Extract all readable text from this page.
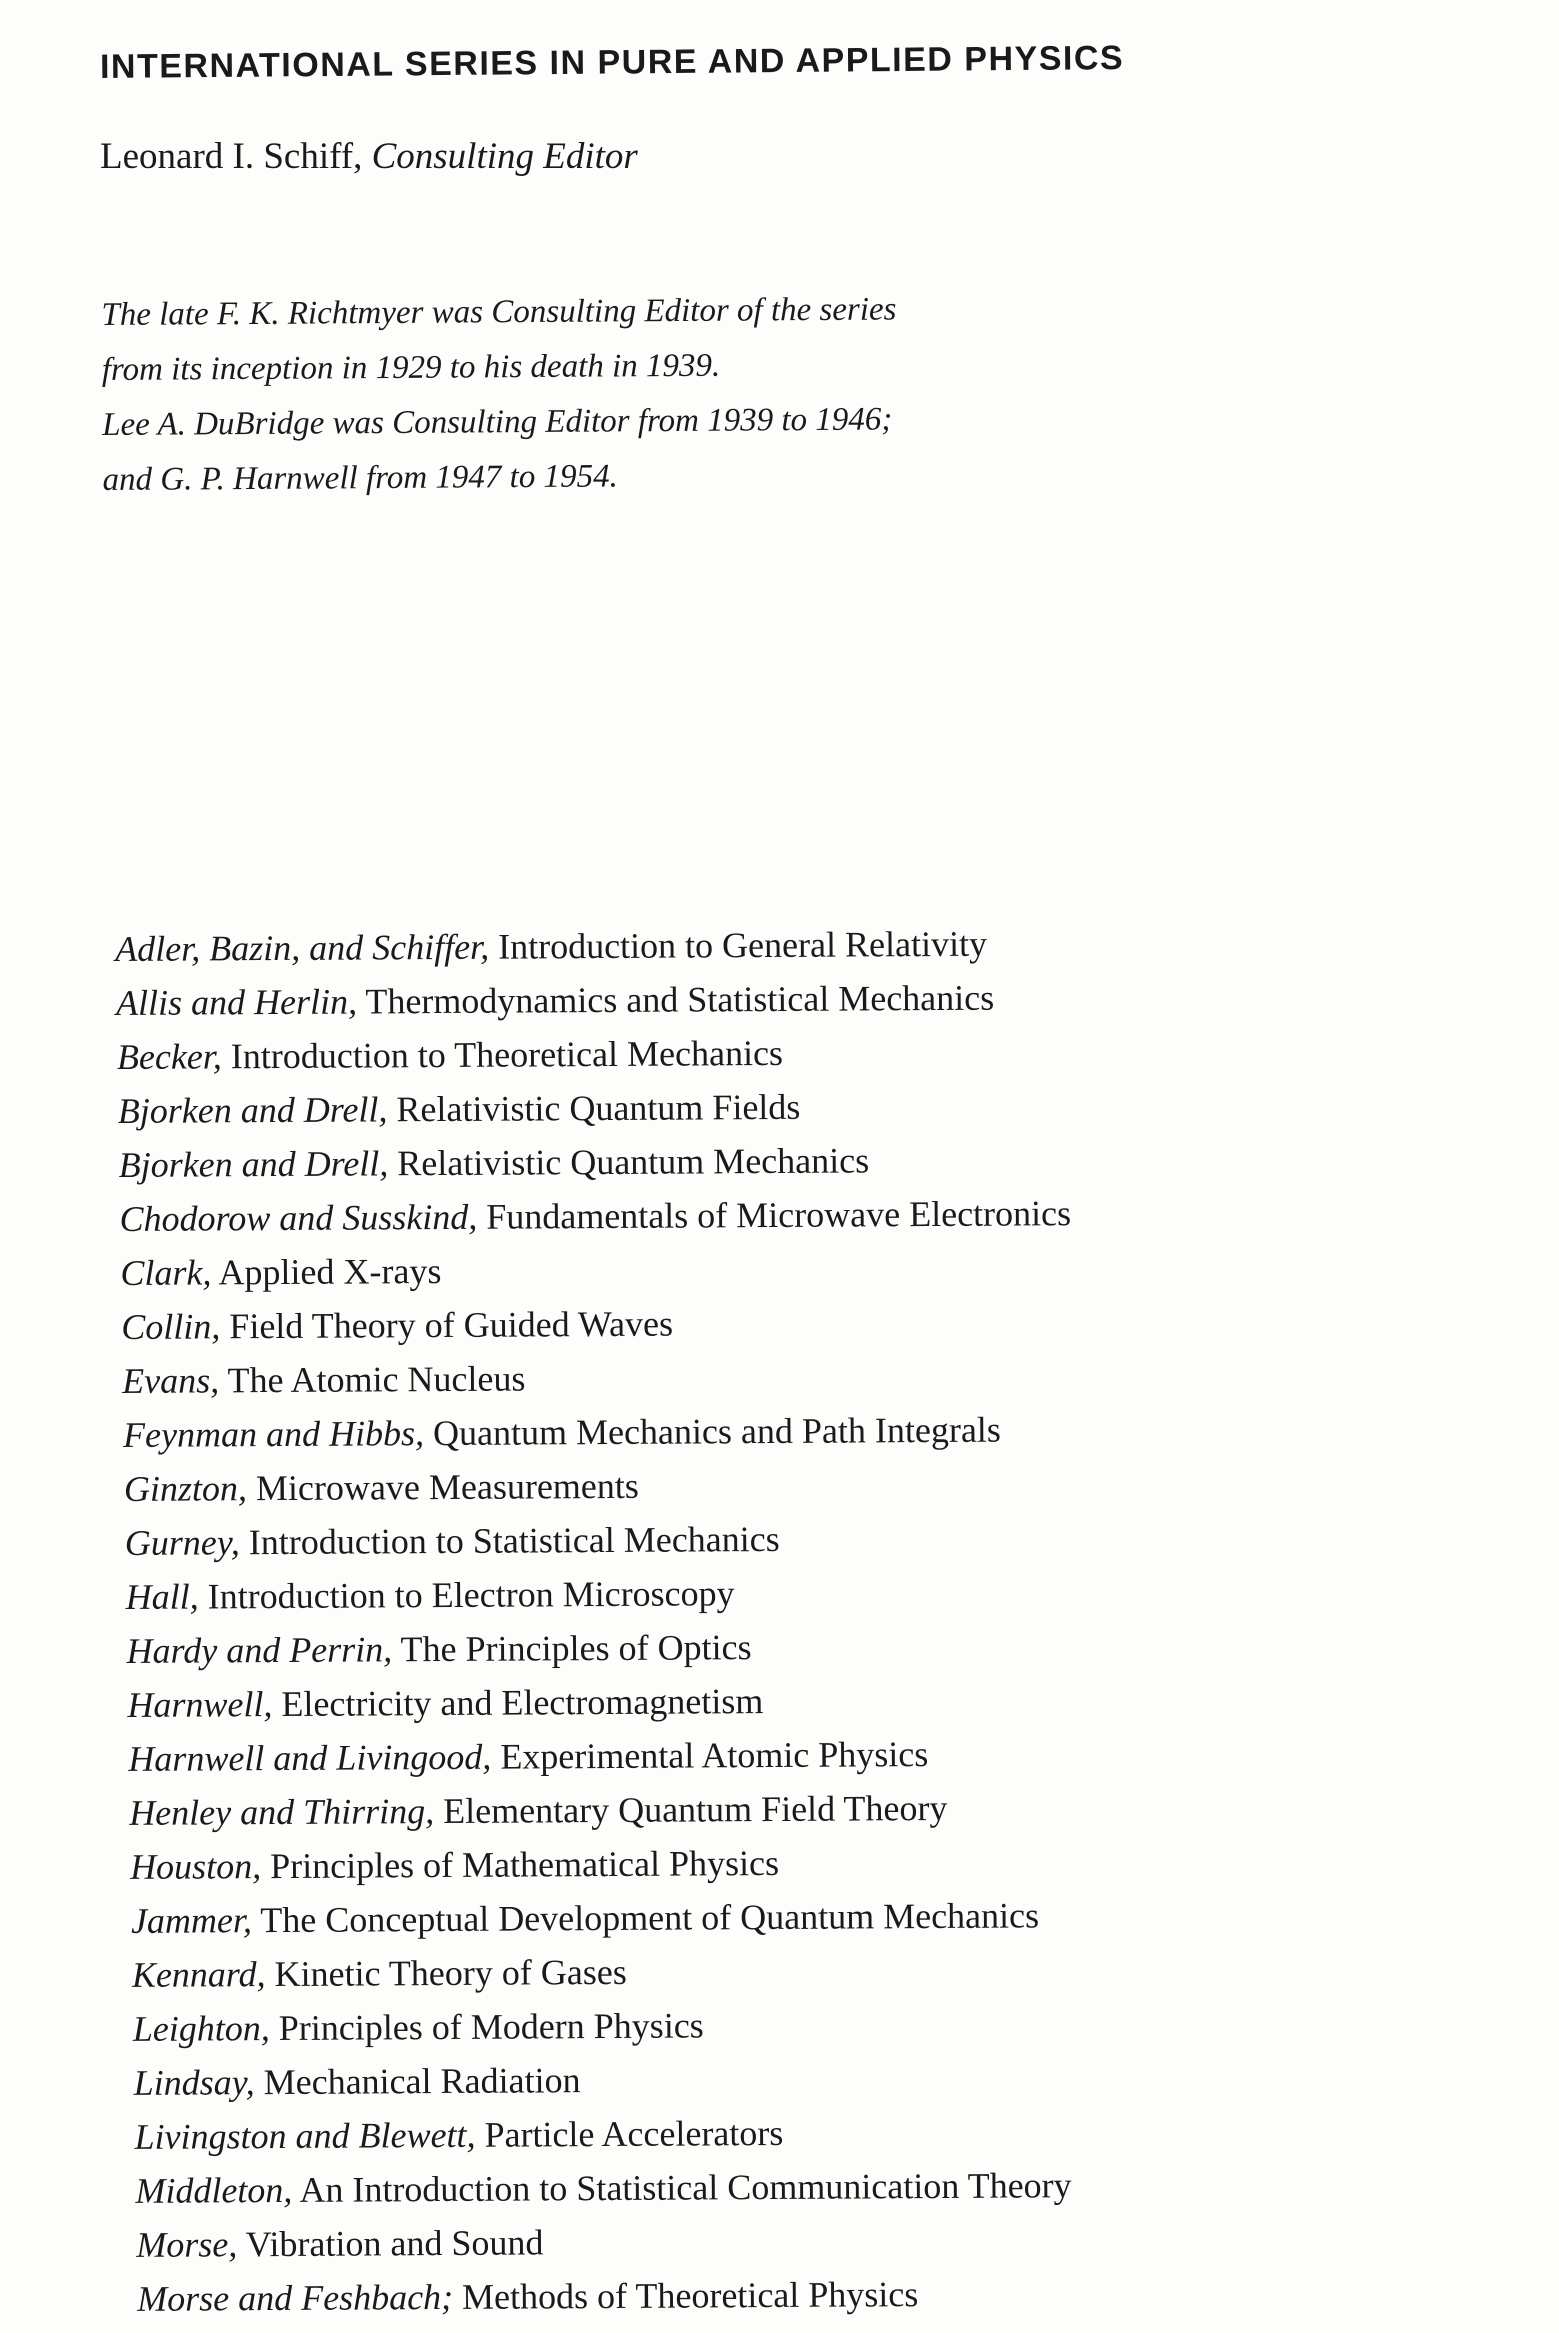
INTERNATIONAL SERIES IN PURE AND APPLIED PHYSICS
Leonard I. Schiff, Consulting Editor
The late F. K. Richtmyer was Consulting Editor of the series
from its inception in 1929 to his death in 1939.
Lee A. DuBridge was Consulting Editor from 1939 to 1946;
and G. P. Harnwell from 1947 to 1954.
Adler, Bazin, and Schiffer, Introduction to General Relativity
Allis and Herlin, Thermodynamics and Statistical Mechanics
Becker, Introduction to Theoretical Mechanics
Bjorken and Drell, Relativistic Quantum Fields
Bjorken and Drell, Relativistic Quantum Mechanics
Chodorow and Susskind, Fundamentals of Microwave Electronics
Clark, Applied X-rays
Collin, Field Theory of Guided Waves
Evans, The Atomic Nucleus
Feynman and Hibbs, Quantum Mechanics and Path Integrals
Ginzton, Microwave Measurements
Gurney, Introduction to Statistical Mechanics
Hall, Introduction to Electron Microscopy
Hardy and Perrin, The Principles of Optics
Harnwell, Electricity and Electromagnetism
Harnwell and Livingood, Experimental Atomic Physics
Henley and Thirring, Elementary Quantum Field Theory
Houston, Principles of Mathematical Physics
Jammer, The Conceptual Development of Quantum Mechanics
Kennard, Kinetic Theory of Gases
Leighton, Principles of Modern Physics
Lindsay, Mechanical Radiation
Livingston and Blewett, Particle Accelerators
Middleton, An Introduction to Statistical Communication Theory
Morse, Vibration and Sound
Morse and Feshbach; Methods of Theoretical Physics
